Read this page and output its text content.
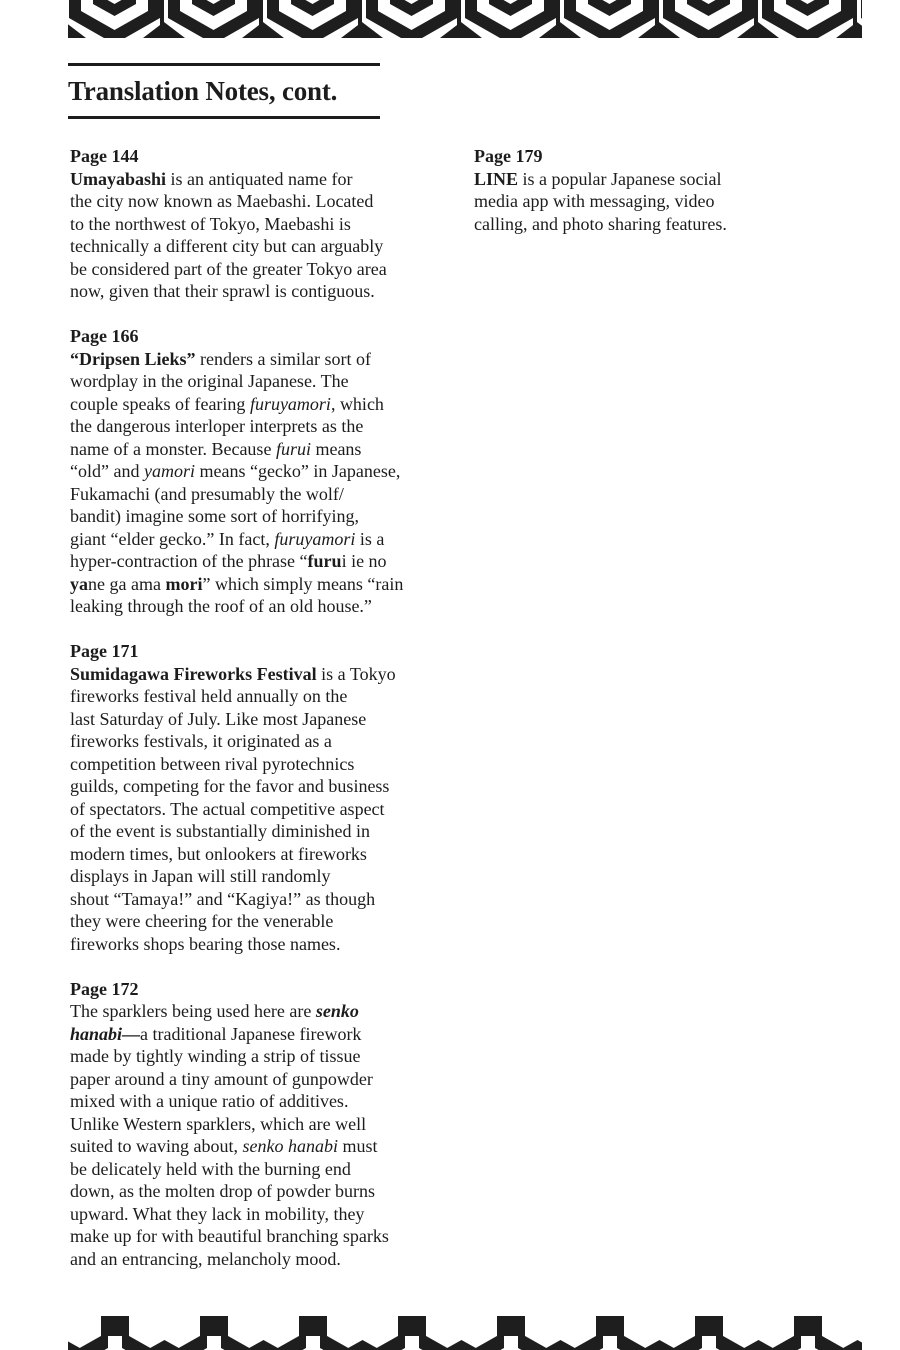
Translation Notes, cont.
Page 144
Umayabashi is an antiquated name for
the city now known as Maebashi. Located
to the northwest of Tokyo, Maebashi is
technically a different city but can arguably
be considered part of the greater Tokyo area
now, given that their sprawl is contiguous.
Page 166
“Dripsen Lieks” renders a similar sort of
wordplay in the original Japanese. The
couple speaks of fearing furuyamori, which
the dangerous interloper interprets as the
name of a monster. Because furui means
“old” and yamori means “gecko” in Japanese,
Fukamachi (and presumably the wolf/
bandit) imagine some sort of horrifying,
giant “elder gecko.” In fact, furuyamori is a
hyper-contraction of the phrase “furui ie no
yane ga ama mori” which simply means “rain
leaking through the roof of an old house.”
Page 171
Sumidagawa Fireworks Festival is a Tokyo
fireworks festival held annually on the
last Saturday of July. Like most Japanese
fireworks festivals, it originated as a
competition between rival pyrotechnics
guilds, competing for the favor and business
of spectators. The actual competitive aspect
of the event is substantially diminished in
modern times, but onlookers at fireworks
displays in Japan will still randomly
shout “Tamaya!” and “Kagiya!” as though
they were cheering for the venerable
fireworks shops bearing those names.
Page 172
The sparklers being used here are senko
hanabi—a traditional Japanese firework
made by tightly winding a strip of tissue
paper around a tiny amount of gunpowder
mixed with a unique ratio of additives.
Unlike Western sparklers, which are well
suited to waving about, senko hanabi must
be delicately held with the burning end
down, as the molten drop of powder burns
upward. What they lack in mobility, they
make up for with beautiful branching sparks
and an entrancing, melancholy mood.
Page 179
LINE is a popular Japanese social
media app with messaging, video
calling, and photo sharing features.
